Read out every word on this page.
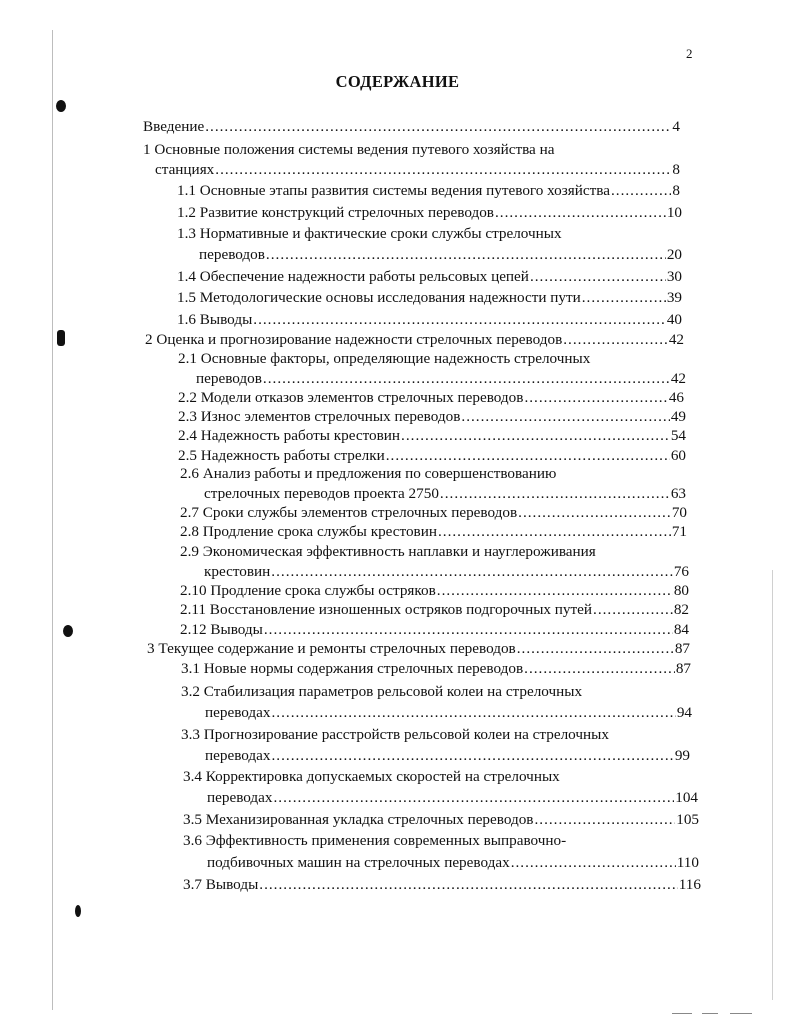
2
СОДЕРЖАНИЕ
Введение .....	4
1 Основные положения системы ведения путевого хозяйства на
станциях .....	8
1.1 Основные этапы развития системы ведения путевого хозяйства .....	8
1.2 Развитие конструкций стрелочных переводов .....	10
1.3 Нормативные и фактические сроки службы стрелочных
переводов .....	20
1.4 Обеспечение надежности работы рельсовых цепей .....	30
1.5 Методологические основы исследования надежности пути .....	39
1.6 Выводы .....	40
2 Оценка и прогнозирование надежности стрелочных переводов .....	42
2.1 Основные факторы, определяющие надежность стрелочных
переводов .....	42
2.2 Модели отказов элементов стрелочных переводов .....	46
2.3 Износ элементов стрелочных переводов .....	49
2.4 Надежность работы крестовин .....	54
2.5 Надежность работы стрелки .....	60
2.6 Анализ работы и предложения по совершенствованию
стрелочных переводов проекта 2750 .....	63
2.7 Сроки службы элементов стрелочных переводов .....	70
2.8 Продление срока службы крестовин .....	71
2.9 Экономическая эффективность наплавки и науглероживания
крестовин .....	76
2.10 Продление срока службы остряков .....	80
2.11 Восстановление изношенных остряков подгорочных путей .....	82
2.12 Выводы .....	84
3 Текущее содержание и ремонты стрелочных переводов .....	87
3.1 Новые нормы содержания стрелочных переводов .....	87
3.2 Стабилизация параметров рельсовой колеи на стрелочных
переводах .....	94
3.3 Прогнозирование расстройств рельсовой колеи на стрелочных
переводах .....	99
3.4 Корректировка допускаемых скоростей на стрелочных
переводах .....	104
3.5 Механизированная укладка стрелочных переводов .....	105
3.6 Эффективность применения современных выправочно-
подбивочных машин на стрелочных переводах .....	110
3.7 Выводы .....	116
